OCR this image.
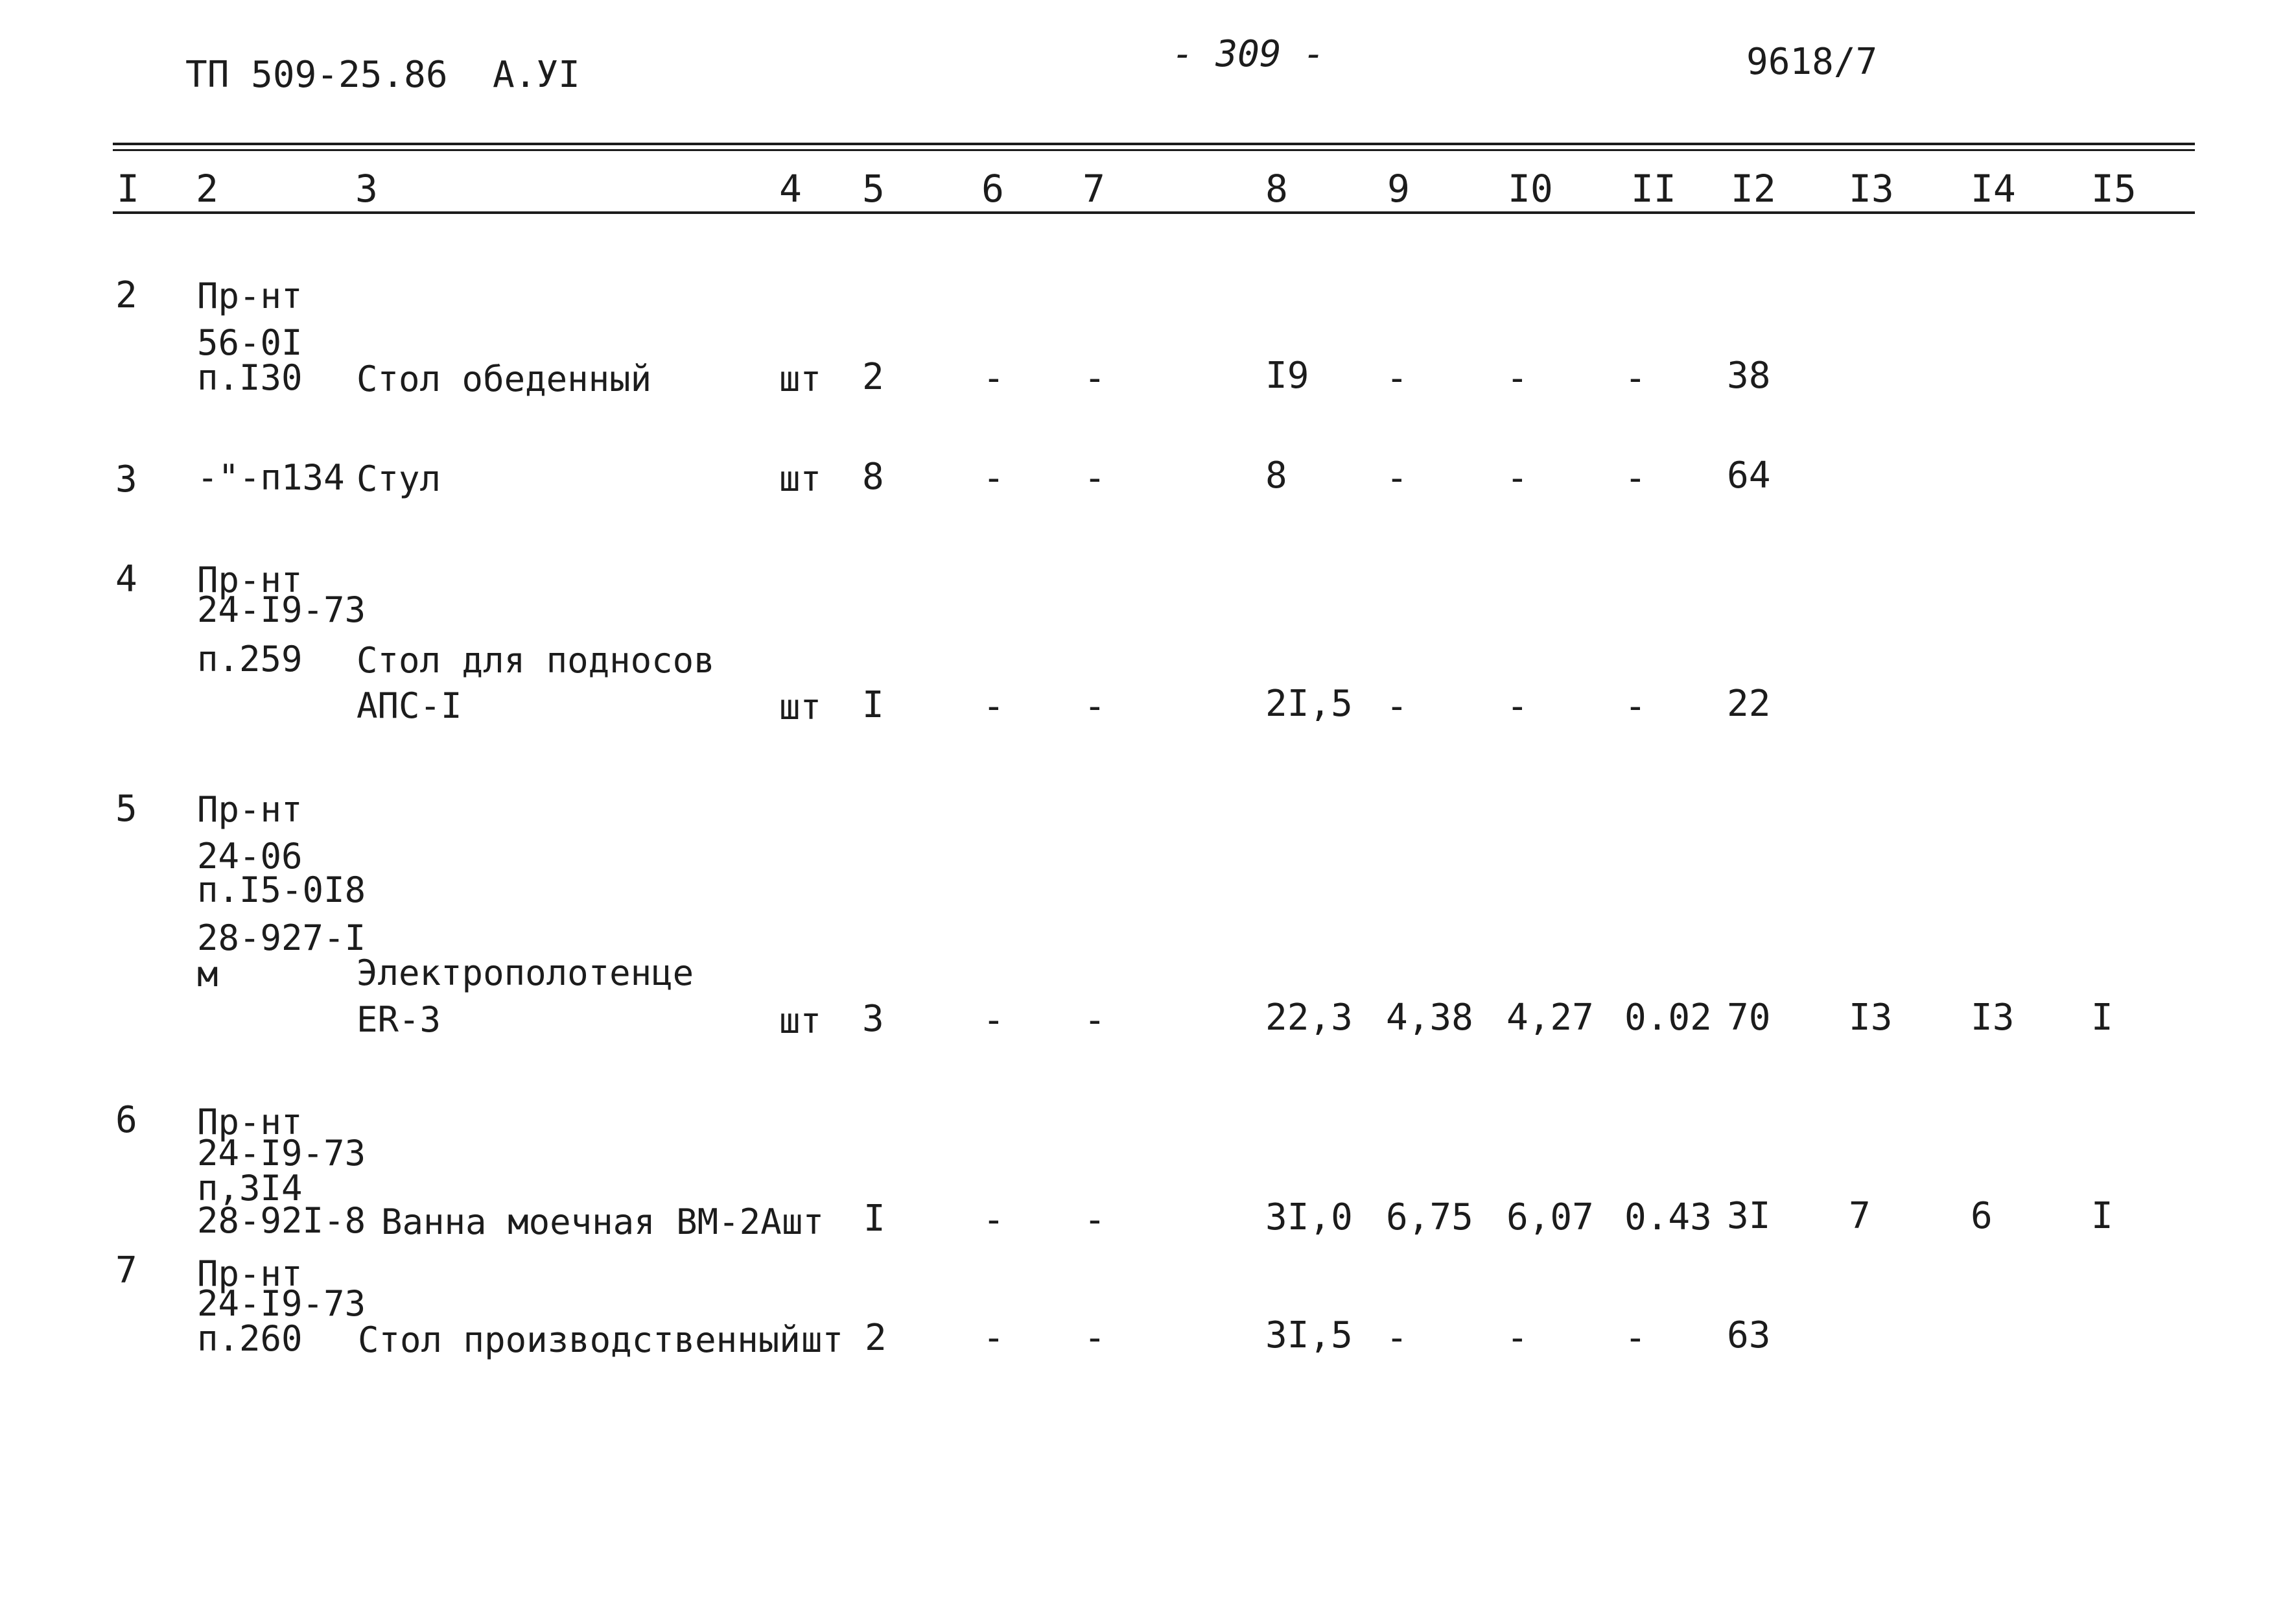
ТП 509-25.86 А.УI	- 309 -	9618/7
I 2	3	4 5	6 7	8	9	I0 II I2 I3 I4 I5
2 Пр-нт
56-0I
п.I30 Стол обеденный	шт 2	- -	I9 -	-	- 38
3 -"-п134 Стул	шт 8	- -	8	-	-	- 64
4 Пр-нт
24-I9-73
п.259 Стол для подносов
АПС-I	шт I	- -	2I,5 -	-	- 22
5 Пр-нт
24-06
п.I5-0I8
28-927-I
м	Электрополотенце
ER-3	шт 3	- -	22,3 4,38 4,27 0.02 70 I3 I3 I
6 Пр-нт
24-I9-73
п,3I4
28-92I-8 Ванна моечная ВМ-2А шт I	- -	3I,0 6,75 6,07 0.43 3I 7	6	I
7 Пр-нт
24-I9-73
п.260 Стол производственный шт 2	- -	3I,5 -	-	- 63
